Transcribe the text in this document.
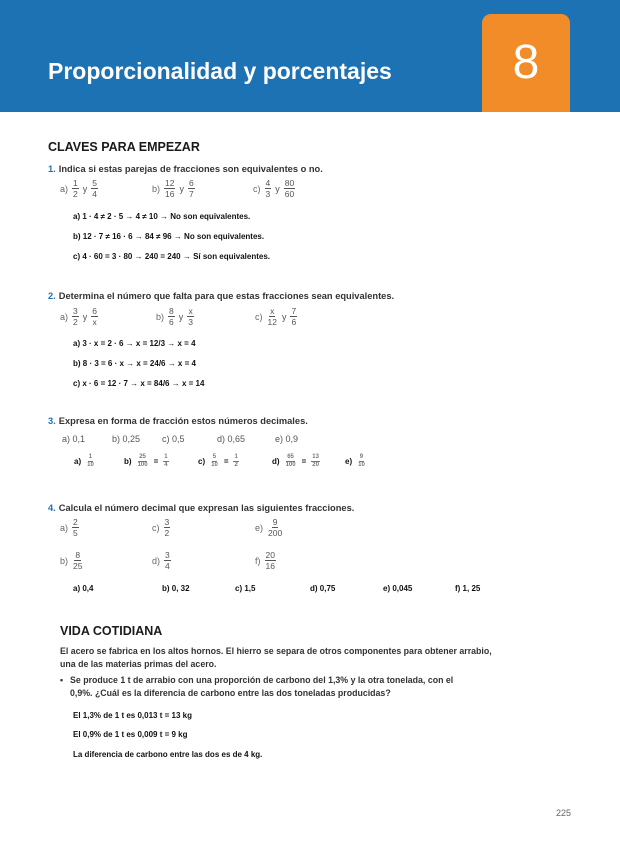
Proporcionalidad y porcentajes	8
CLAVES PARA EMPEZAR
1. Indica si estas parejas de fracciones son equivalentes o no.
$a) \frac{1}{2}$ y $\frac{5}{4}$	$b) \frac{12}{16}$ y $\frac{6}{7}$	$c) \frac{4}{3}$ y $\frac{80}{60}$
a) 1 · 4 ≠ 2 · 5 → 4 ≠ 10 → No son equivalentes.
b) 12 · 7 ≠ 16 · 6 → 84 ≠ 96 → No son equivalentes.
c) 4 · 60 = 3 · 80 → 240 = 240 → Sí son equivalentes.
2. Determina el número que falta para que estas fracciones sean equivalentes.
$a) \frac{3}{2}$ y $\frac{6}{x}$	$b) \frac{8}{6}$ y $\frac{x}{3}$	$c) \frac{x}{12}$ y $\frac{7}{6}$
a) 3 · x = 2 · 6 → x = 12/3 → x = 4
b) 8 · 3 = 6 · x → x = 24/6 → x = 4
c) x · 6 = 12 · 7 → x = 84/6 → x = 14
3. Expresa en forma de fracción estos números decimales.
a) 0,1	b) 0,25 c) 0,5	d) 0,65	e) 0,9
$a) \frac{1}{10}$	$b) \frac{25}{100} = \frac{1}{4}$	$c) \frac{5}{10} = \frac{1}{2}$	$d) \frac{65}{100} = \frac{13}{20}$	$e) \frac{9}{10}$
4. Calcula el número decimal que expresan las siguientes fracciones.
$a) \frac{2}{5}$	$c) \frac{3}{2}$	$e) \frac{9}{200}$
$b) \frac{8}{25}$	$d) \frac{3}{4}$	$f) \frac{20}{16}$
a) 0,4	b) 0, 32	c) 1,5	d) 0,75	e) 0,045	f) 1, 25
VIDA COTIDIANA
El acero se fabrica en los altos hornos. El hierro se separa de otros componentes para obtener arrabio, una de las materias primas del acero.
• Se produce 1 t de arrabio con una proporción de carbono del 1,3% y la otra tonelada, con el 0,9%. ¿Cuál es la diferencia de carbono entre las dos toneladas producidas?
El 1,3% de 1 t es 0,013 t = 13 kg
El 0,9% de 1 t es 0,009 t = 9 kg
La diferencia de carbono entre las dos es de 4 kg.
225
